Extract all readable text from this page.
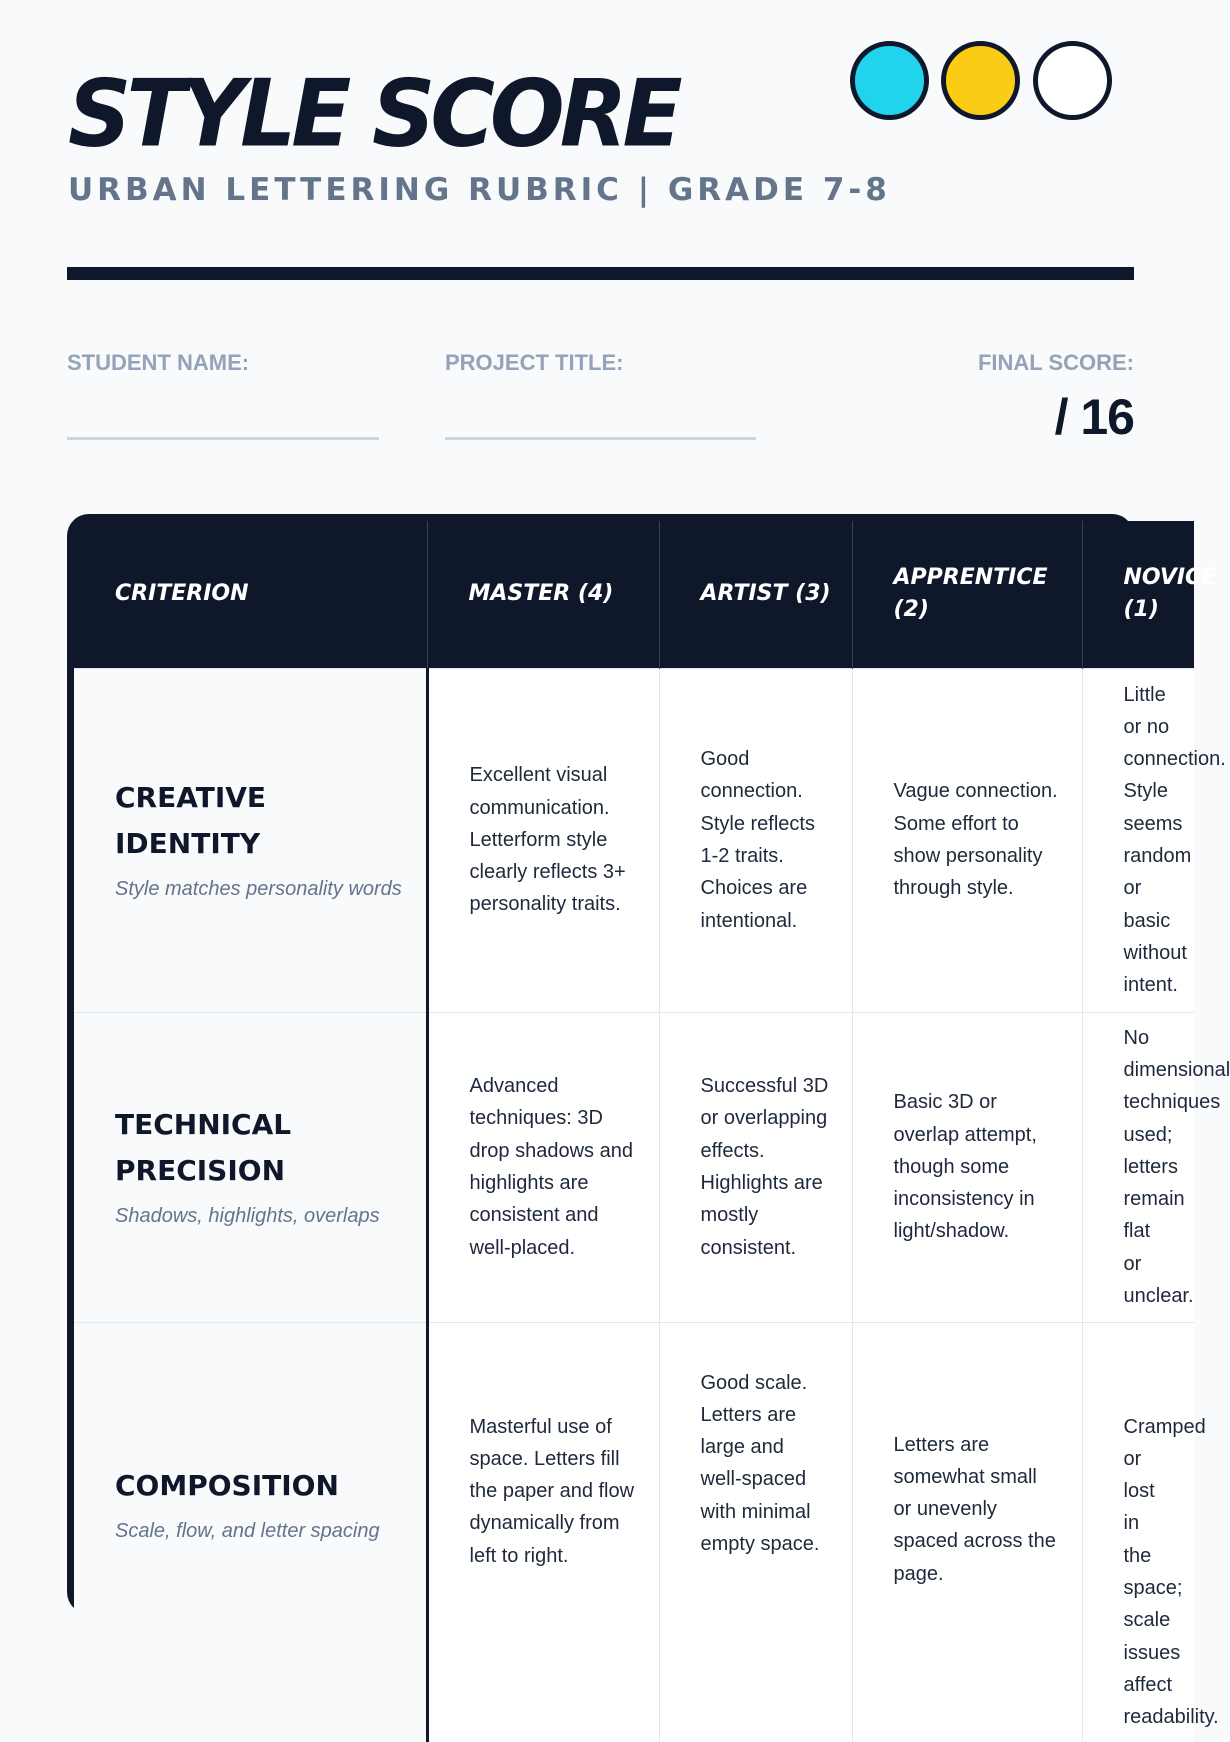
STYLE SCORE
URBAN LETTERING RUBRIC | GRADE 7-8
STUDENT NAME:	PROJECT TITLE:	FINAL SCORE:
/ 16
CRITERION	MASTER (4)	ARTIST (3)	APPRENTICE (2)	NOVICE (1)

CREATIVE IDENTITY
Style matches personality words	Excellent visual communication. Letterform style clearly reflects 3+ personality traits.	Good connection. Style reflects 1-2 traits. Choices are intentional.	Vague connection. Some effort to show personality through style.	Little or no connection. Style seems random or basic without intent.

TECHNICAL PRECISION
Shadows, highlights, overlaps	Advanced techniques: 3D drop shadows and highlights are consistent and well-placed.	Successful 3D or overlapping effects. Highlights are mostly consistent.	Basic 3D or overlap attempt, though some inconsistency in light/shadow.	No dimensional techniques used; letters remain flat or unclear.

COMPOSITION
Scale, flow, and letter spacing	Masterful use of space. Letters fill the paper and flow dynamically from left to right.	Good scale. Letters are large and well-spaced with minimal empty space.	Letters are somewhat small or unevenly spaced across the page.	Cramped or lost in the space; scale issues affect readability.
